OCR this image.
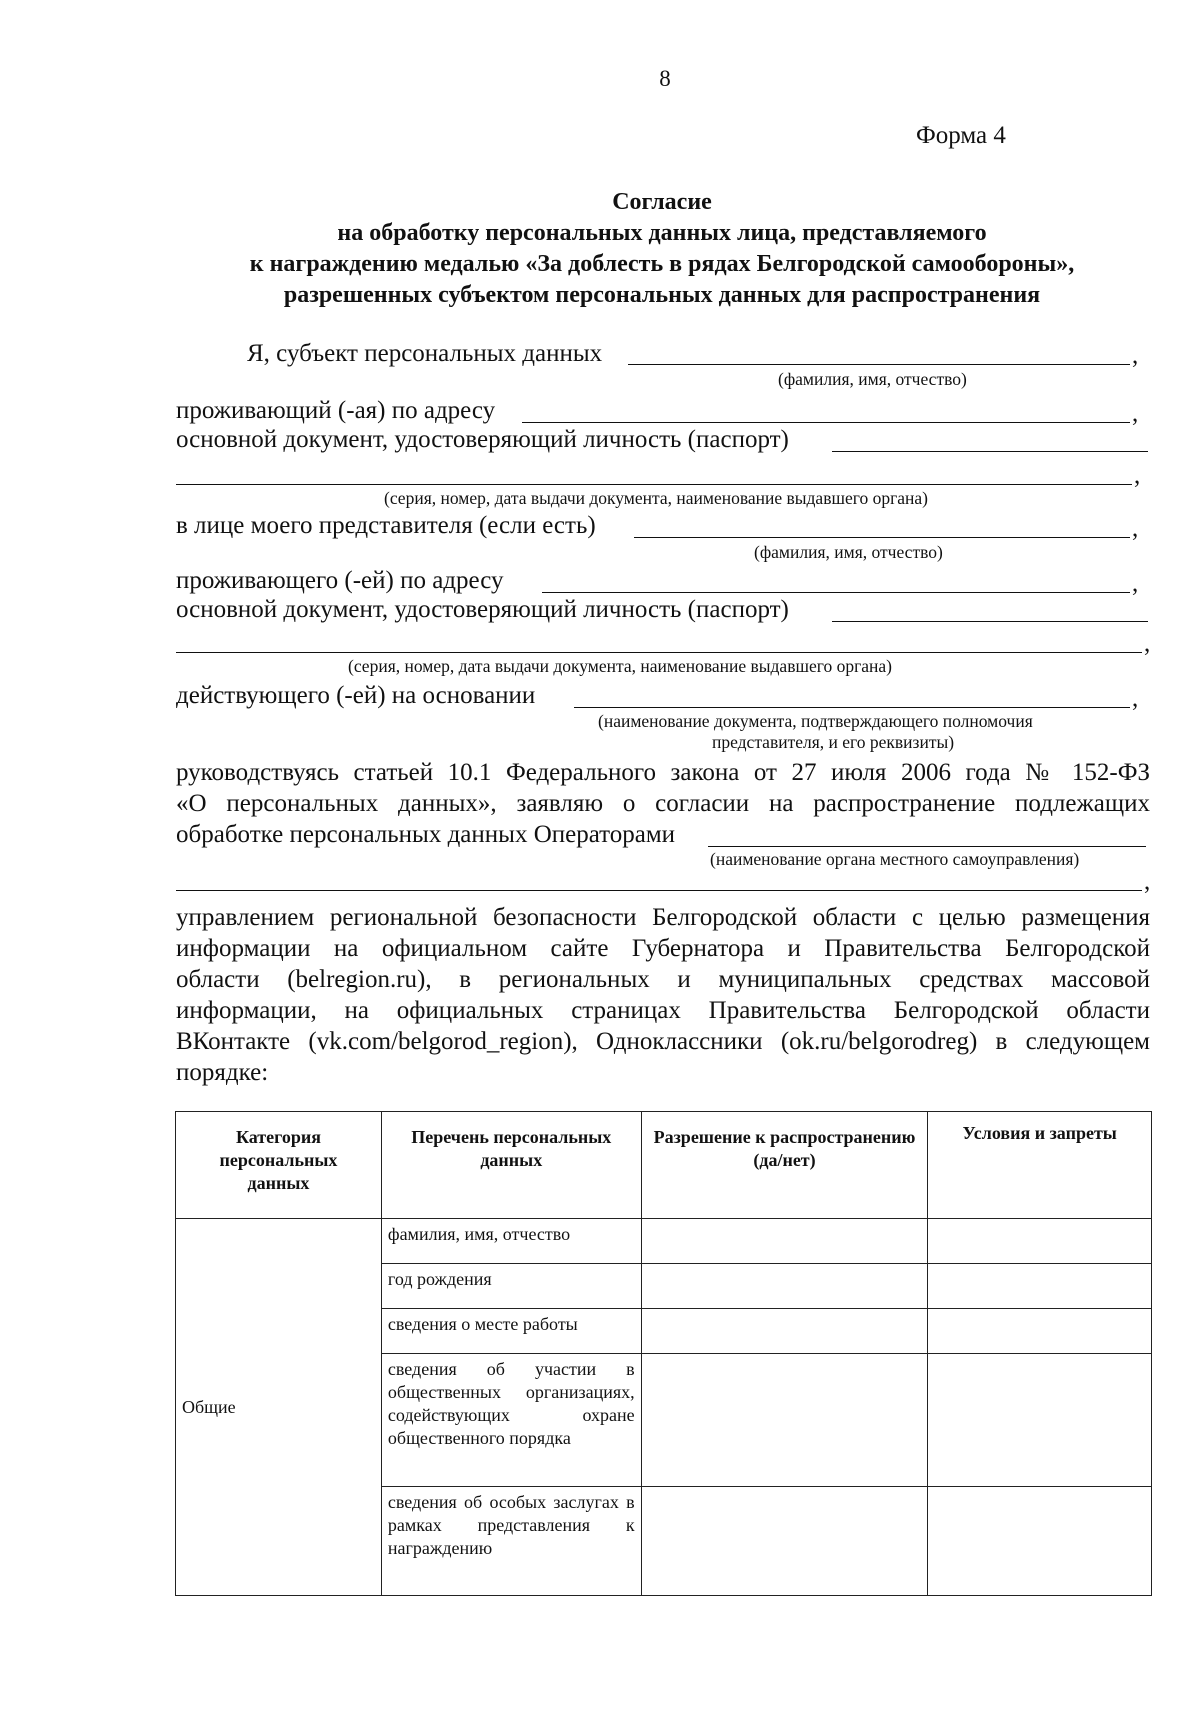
8
Форма 4
Согласие
на обработку персональных данных лица, представляемого
к награждению медалью «За доблесть в рядах Белгородской самообороны»,
разрешенных субъектом персональных данных для распространения
Я, субъект персональных данных	,
(фамилия, имя, отчество)
проживающий (-ая) по адресу	,
основной документ, удостоверяющий личность (паспорт)
,
(серия, номер, дата выдачи документа, наименование выдавшего органа)
в лице моего представителя (если есть)	,
(фамилия, имя, отчество)
проживающего (-ей) по адресу	,
основной документ, удостоверяющий личность (паспорт)
,
(серия, номер, дата выдачи документа, наименование выдавшего органа)
действующего (-ей) на основании	,
(наименование документа, подтверждающего полномочия
представителя, и его реквизиты)
руководствуясь статьей 10.1 Федерального закона от 27 июля 2006 года № 152-ФЗ
«О персональных данных», заявляю о согласии на распространение подлежащих
обработке персональных данных Операторами
(наименование органа местного самоуправления)
,
управлением региональной безопасности Белгородской области с целью размещения
информации на официальном сайте Губернатора и Правительства Белгородской
области (belregion.ru), в региональных и муниципальных средствах массовой
информации, на официальных страницах Правительства Белгородской области
ВКонтакте (vk.com/belgorod_region), Одноклассники (ok.ru/belgorodreg) в следующем
порядке:
Категория персональных данных	Перечень персональных данных	Разрешение к распространению (да/нет)	Условия и запреты
Общие	фамилия, имя, отчество		
	год рождения		
	сведения о месте работы		
	сведения об участии в общественных организациях, содействующих охране общественного порядка		
	сведения об особых заслугах в рамках представления к награждению		
